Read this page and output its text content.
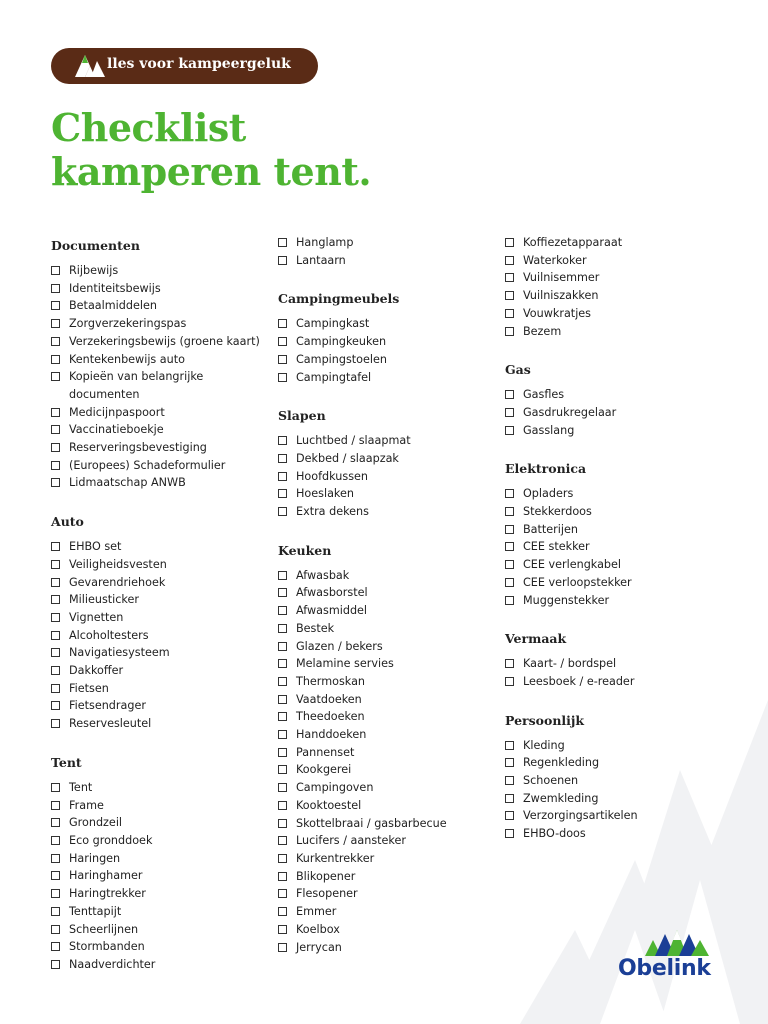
lles voor kampeergeluk
Checklist
kamperen tent.
Documenten
Rijbewijs
Identiteitsbewijs
Betaalmiddelen
Zorgverzekeringspas
Verzekeringsbewijs (groene kaart)
Kentekenbewijs auto
Kopieën van belangrijke documenten
Medicijnpaspoort
Vaccinatieboekje
Reserveringsbevestiging
(Europees) Schadeformulier
Lidmaatschap ANWB
Auto
EHBO set
Veiligheidsvesten
Gevarendriehoek
Milieusticker
Vignetten
Alcoholtesters
Navigatiesysteem
Dakkoffer
Fietsen
Fietsendrager
Reservesleutel
Tent
Tent
Frame
Grondzeil
Eco gronddoek
Haringen
Haringhamer
Haringtrekker
Tenttapijt
Scheerlijnen
Stormbanden
Naadverdichter
Hanglamp
Lantaarn
Campingmeubels
Campingkast
Campingkeuken
Campingstoelen
Campingtafel
Slapen
Luchtbed / slaapmat
Dekbed / slaapzak
Hoofdkussen
Hoeslaken
Extra dekens
Keuken
Afwasbak
Afwasborstel
Afwasmiddel
Bestek
Glazen / bekers
Melamine servies
Thermoskan
Vaatdoeken
Theedoeken
Handdoeken
Pannenset
Kookgerei
Campingoven
Kooktoestel
Skottelbraai / gasbarbecue
Lucifers / aansteker
Kurkentrekker
Blikopener
Flesopener
Emmer
Koelbox
Jerrycan
Koffiezetapparaat
Waterkoker
Vuilnisemmer
Vuilniszakken
Vouwkratjes
Bezem
Gas
Gasfles
Gasdrukregelaar
Gasslang
Elektronica
Opladers
Stekkerdoos
Batterijen
CEE stekker
CEE verlengkabel
CEE verloopstekker
Muggenstekker
Vermaak
Kaart- / bordspel
Leesboek / e-reader
Persoonlijk
Kleding
Regenkleding
Schoenen
Zwemkleding
Verzorgingsartikelen
EHBO-doos
Obelink
